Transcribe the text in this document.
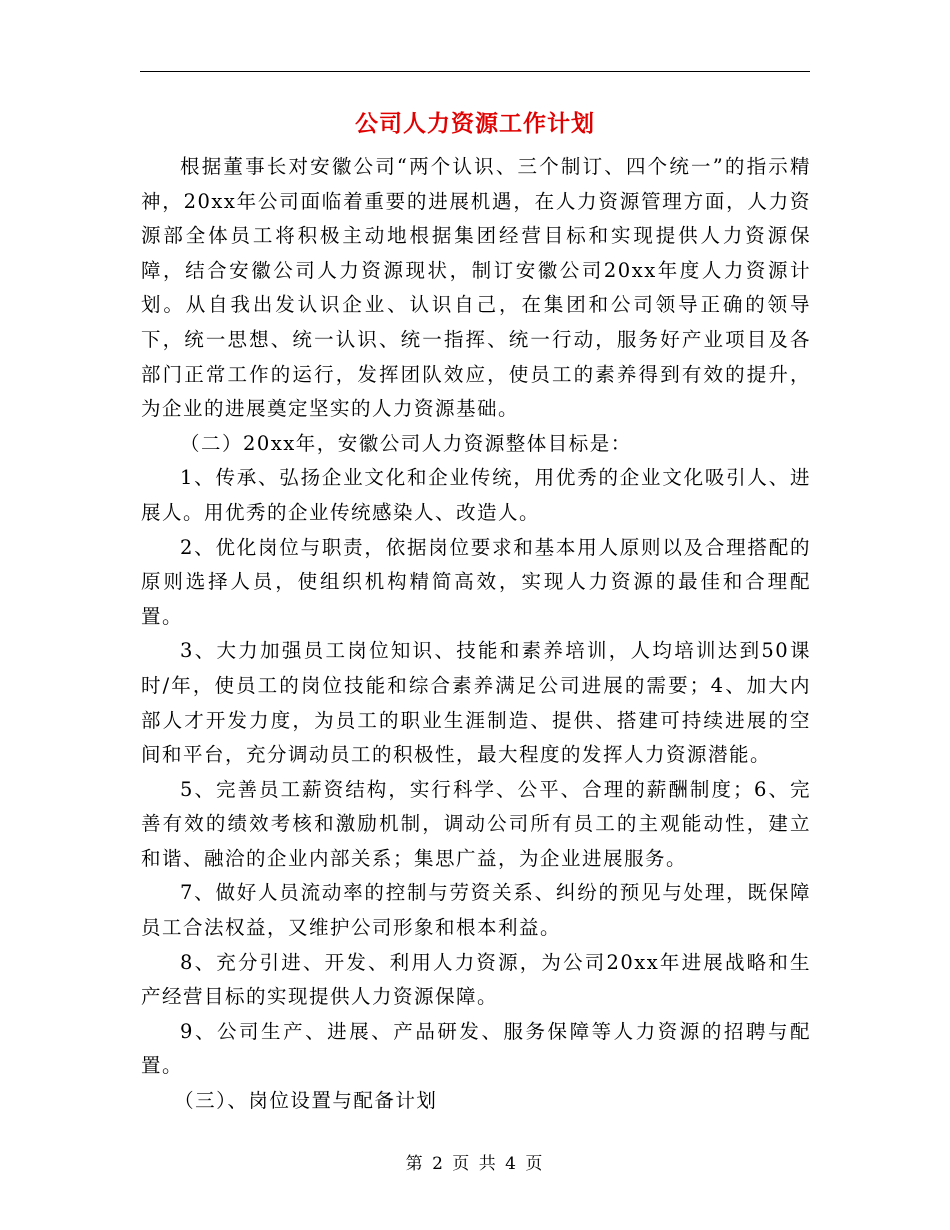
公司人力资源工作计划

根据董事长对安徽公司“两个认识、三个制订、四个统一”的指示精神，20xx年公司面临着重要的进展机遇，在人力资源管理方面，人力资源部全体员工将积极主动地根据集团经营目标和实现提供人力资源保障，结合安徽公司人力资源现状，制订安徽公司20xx年度人力资源计划。从自我出发认识企业、认识自己，在集团和公司领导正确的领导下，统一思想、统一认识、统一指挥、统一行动，服务好产业项目及各部门正常工作的运行，发挥团队效应，使员工的素养得到有效的提升，为企业的进展奠定坚实的人力资源基础。

（二）20xx年，安徽公司人力资源整体目标是：

1、传承、弘扬企业文化和企业传统，用优秀的企业文化吸引人、进展人。用优秀的企业传统感染人、改造人。

2、优化岗位与职责，依据岗位要求和基本用人原则以及合理搭配的原则选择人员，使组织机构精简高效，实现人力资源的最佳和合理配置。

3、大力加强员工岗位知识、技能和素养培训，人均培训达到50课时/年，使员工的岗位技能和综合素养满足公司进展的需要；4、加大内部人才开发力度，为员工的职业生涯制造、提供、搭建可持续进展的空间和平台，充分调动员工的积极性，最大程度的发挥人力资源潜能。

5、完善员工薪资结构，实行科学、公平、合理的薪酬制度；6、完善有效的绩效考核和激励机制，调动公司所有员工的主观能动性，建立和谐、融洽的企业内部关系；集思广益，为企业进展服务。

7、做好人员流动率的控制与劳资关系、纠纷的预见与处理，既保障员工合法权益，又维护公司形象和根本利益。

8、充分引进、开发、利用人力资源，为公司20xx年进展战略和生产经营目标的实现提供人力资源保障。

9、公司生产、进展、产品研发、服务保障等人力资源的招聘与配置。

（三）、岗位设置与配备计划

第 2 页 共 4 页
